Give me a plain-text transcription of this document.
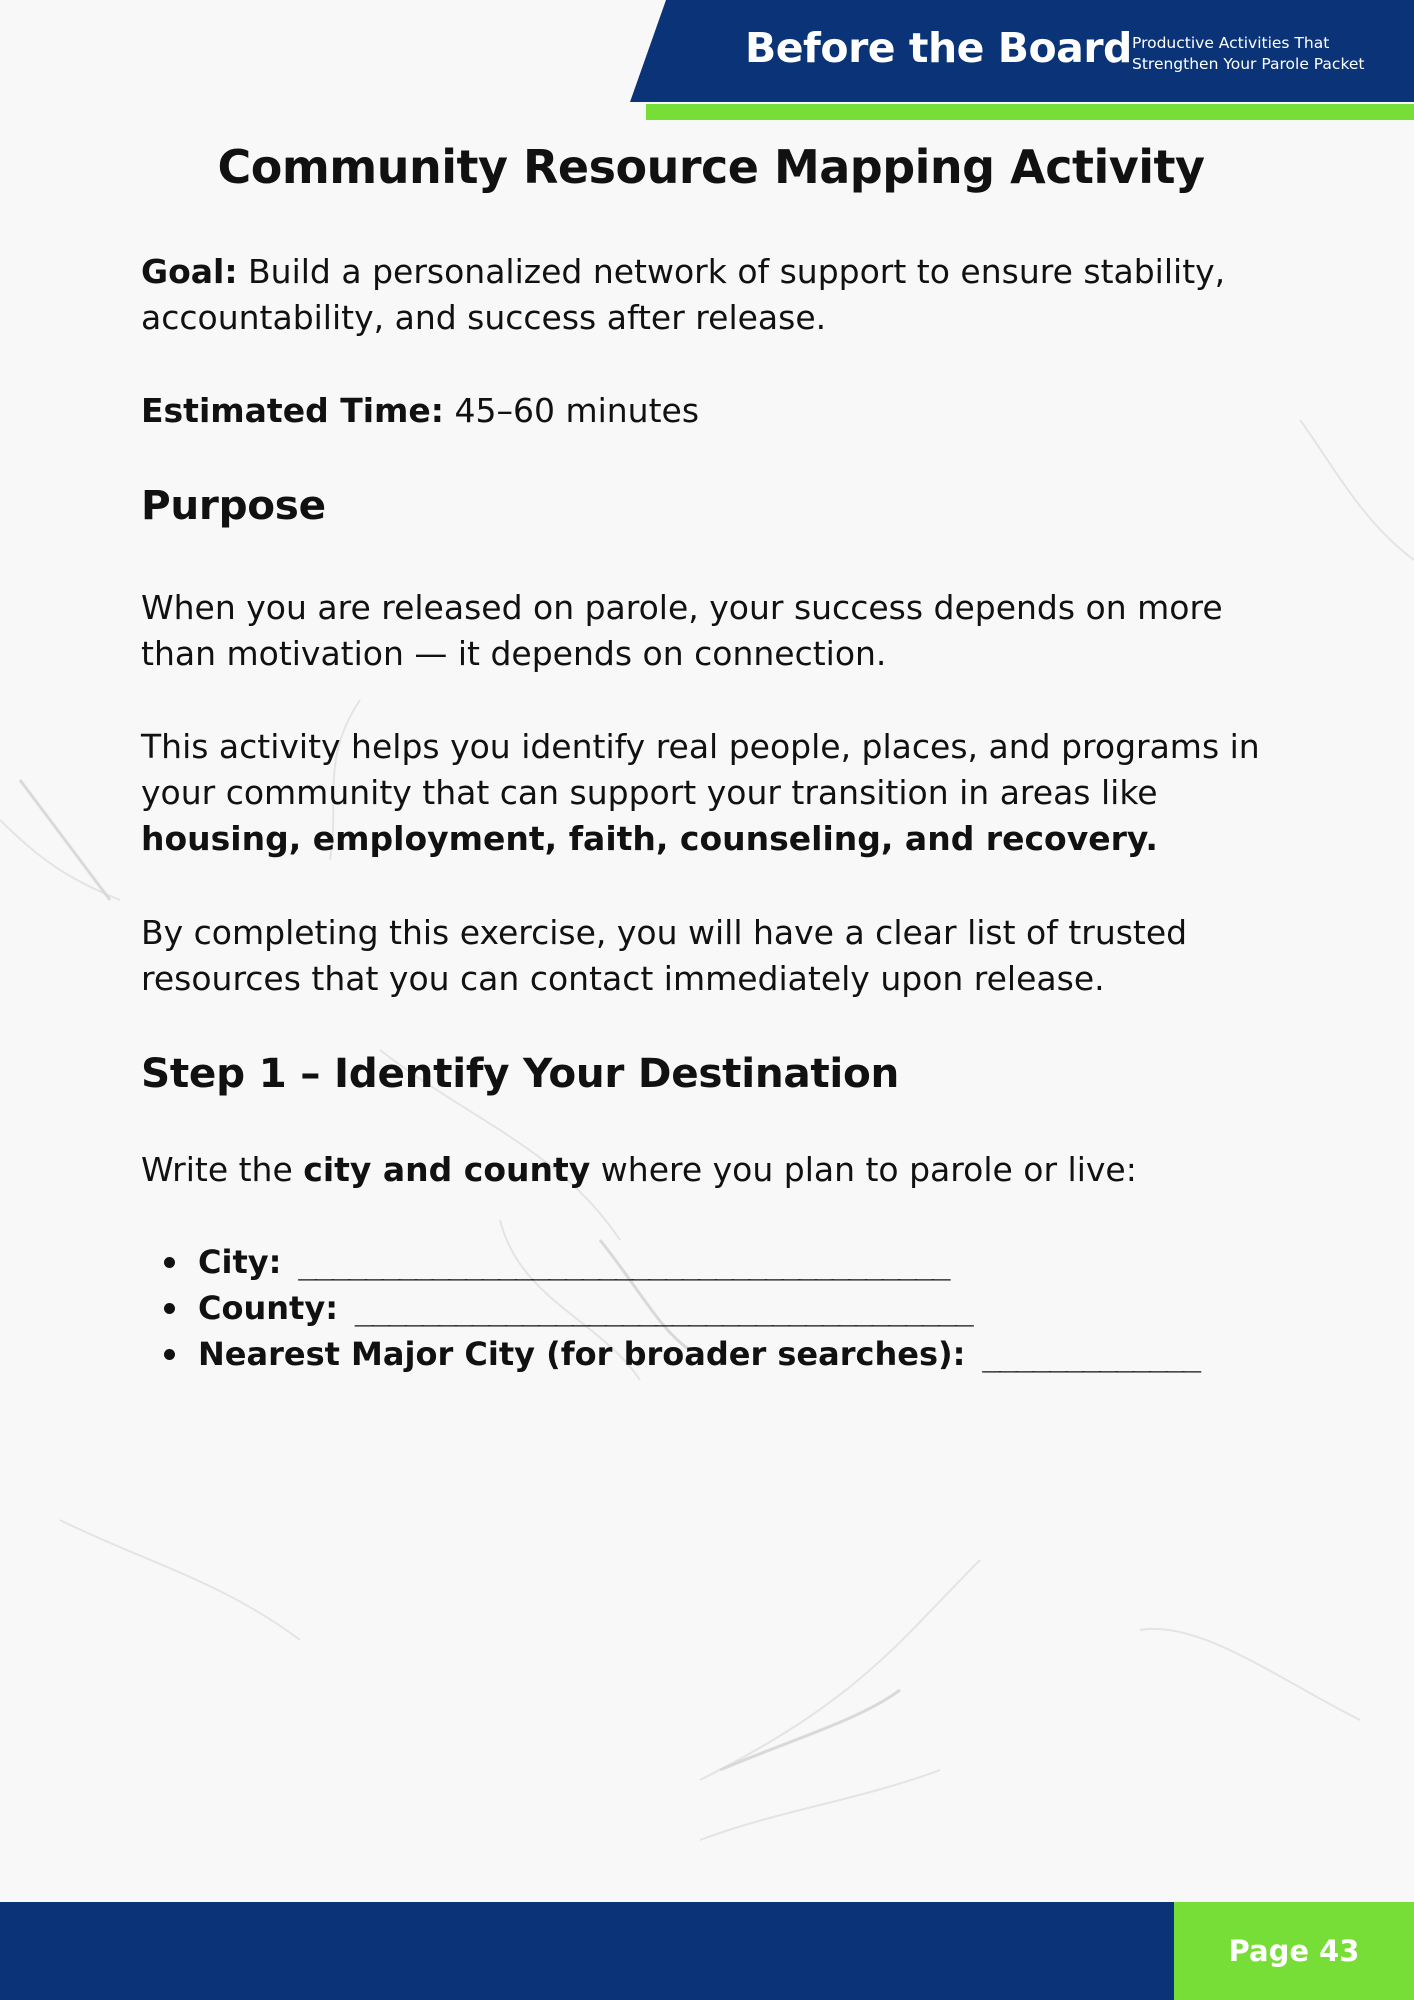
Before the Board Productive Activities That
Strengthen Your Parole Packet
Community Resource Mapping Activity

Goal: Build a personalized network of support to ensure stability, accountability, and success after release.

Estimated Time: 45–60 minutes

Purpose

When you are released on parole, your success depends on more than motivation — it depends on connection.

This activity helps you identify real people, places, and programs in your community that can support your transition in areas like housing, employment, faith, counseling, and recovery.

By completing this exercise, you will have a clear list of trusted resources that you can contact immediately upon release.

Step 1 – Identify Your Destination

Write the city and county where you plan to parole or live:

City: _______________________________________
County: _____________________________________
Nearest Major City (for broader searches): _____________
Page 43
